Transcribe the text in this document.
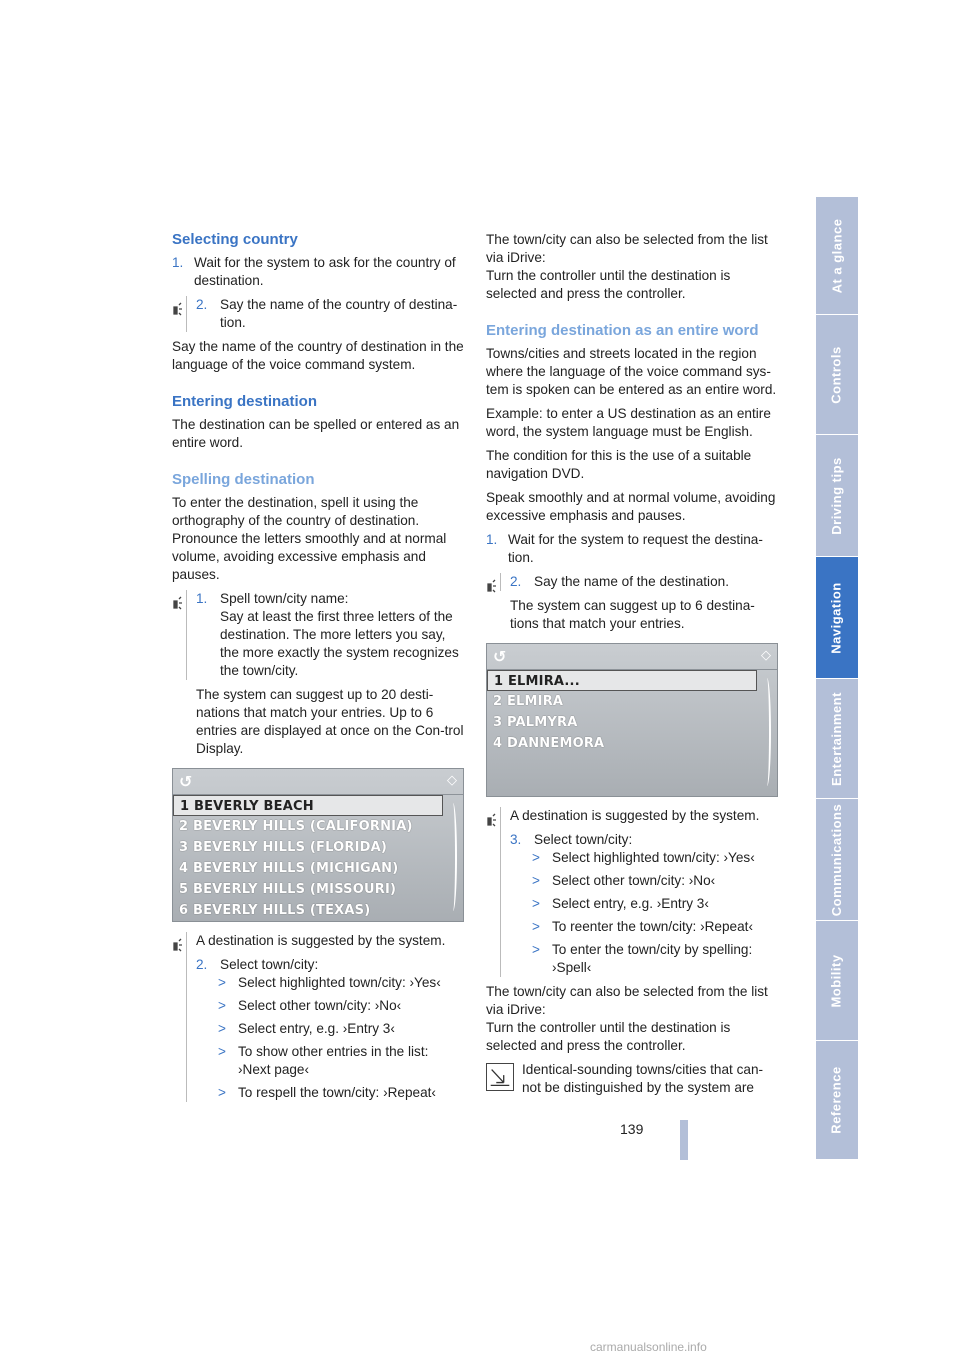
Selecting country
1. Wait for the system to ask for the country of destination.
2. Say the name of the country of destina-tion.

Say the name of the country of destination in the language of the voice command system.

Entering destination

The destination can be spelled or entered as an entire word.

Spelling destination

To enter the destination, spell it using the orthography of the country of destination. Pronounce the letters smoothly and at normal volume, avoiding excessive emphasis and pauses.

1. Spell town/city name:
Say at least the first three letters of the destination. The more letters you say, the more exactly the system recognizes the town/city.

The system can suggest up to 20 desti-nations that match your entries. Up to 6 entries are displayed at once on the Con-trol Display.

↺	◇
1 BEVERLY BEACH
2 BEVERLY HILLS (CALIFORNIA)
3 BEVERLY HILLS (FLORIDA)
4 BEVERLY HILLS (MICHIGAN)
5 BEVERLY HILLS (MISSOURI)
6 BEVERLY HILLS (TEXAS)

A destination is suggested by the system.

2. Select town/city:
> Select highlighted town/city: ›Yes‹
> Select other town/city: ›No‹
> Select entry, e.g. ›Entry 3‹
> To show other entries in the list: ›Next page‹
> To respell the town/city: ›Repeat‹

The town/city can also be selected from the list via iDrive:

Turn the controller until the destination is selected and press the controller.

Entering destination as an entire word

Towns/cities and streets located in the region where the language of the voice command sys-tem is spoken can be entered as an entire word.

Example: to enter a US destination as an entire word, the system language must be English.

The condition for this is the use of a suitable navigation DVD.

Speak smoothly and at normal volume, avoiding excessive emphasis and pauses.

1. Wait for the system to request the destina-tion.
2. Say the name of the destination.

The system can suggest up to 6 destina-tions that match your entries.

↺	◇
1 ELMIRA...
2 ELMIRA
3 PALMYRA
4 DANNEMORA

A destination is suggested by the system.

3. Select town/city:
> Select highlighted town/city: ›Yes‹
> Select other town/city: ›No‹
> Select entry, e.g. ›Entry 3‹
> To reenter the town/city: ›Repeat‹
> To enter the town/city by spelling: ›Spell‹

The town/city can also be selected from the list via iDrive:

Turn the controller until the destination is selected and press the controller.

Identical-sounding towns/cities that can-not be distinguished by the system are
At a glance
Controls
Driving tips
Navigation
Entertainment
Communications
Mobility
Reference
139
carmanualsonline.info
